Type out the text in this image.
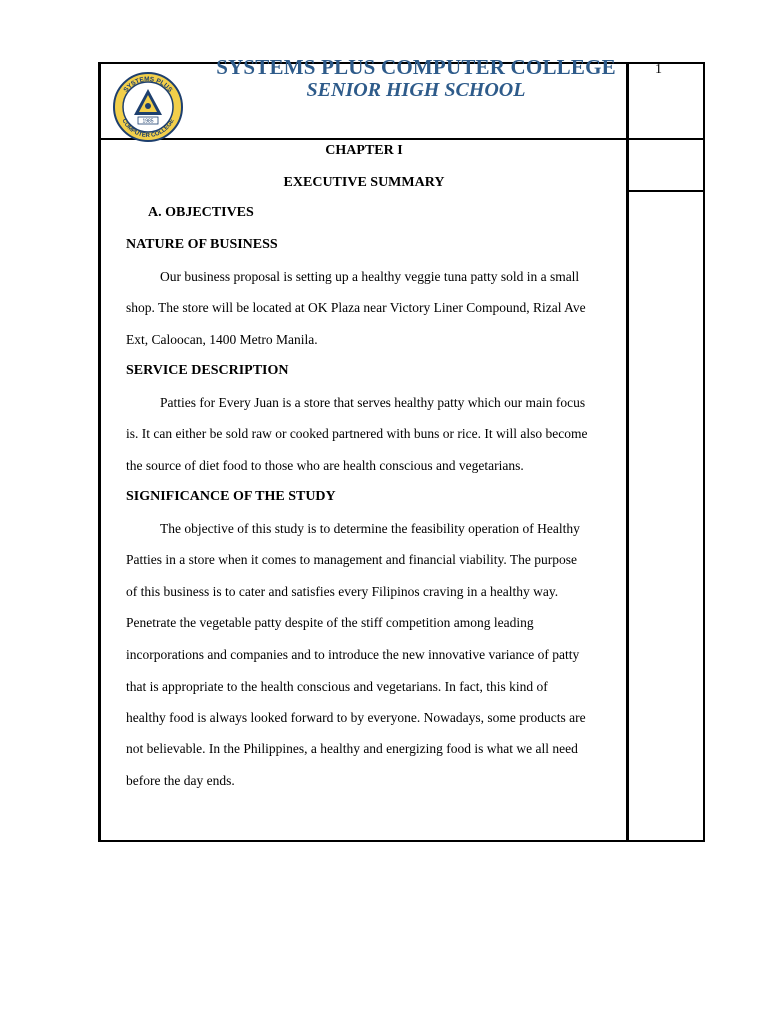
SYSTEMS PLUS
COMPUTER COLLEGE
1985
SYSTEMS PLUS COMPUTER COLLEGE
SENIOR HIGH SCHOOL
1
CHAPTER I
EXECUTIVE SUMMARY
A. OBJECTIVES
NATURE OF BUSINESS
Our business proposal is setting up a healthy veggie tuna patty sold in a small
shop. The store will be located at OK Plaza near Victory Liner Compound, Rizal Ave
Ext, Caloocan, 1400 Metro Manila.
SERVICE DESCRIPTION
Patties for Every Juan is a store that serves healthy patty which our main focus
is. It can either be sold raw or cooked partnered with buns or rice. It will also become
the source of diet food to those who are health conscious and vegetarians.
SIGNIFICANCE OF THE STUDY
The objective of this study is to determine the feasibility operation of Healthy
Patties in a store when it comes to management and financial viability. The purpose
of this business is to cater and satisfies every Filipinos craving in a healthy way.
Penetrate the vegetable patty despite of the stiff competition among leading
incorporations and companies and to introduce the new innovative variance of patty
that is appropriate to the health conscious and vegetarians. In fact, this kind of
healthy food is always looked forward to by everyone. Nowadays, some products are
not believable. In the Philippines, a healthy and energizing food is what we all need
before the day ends.
